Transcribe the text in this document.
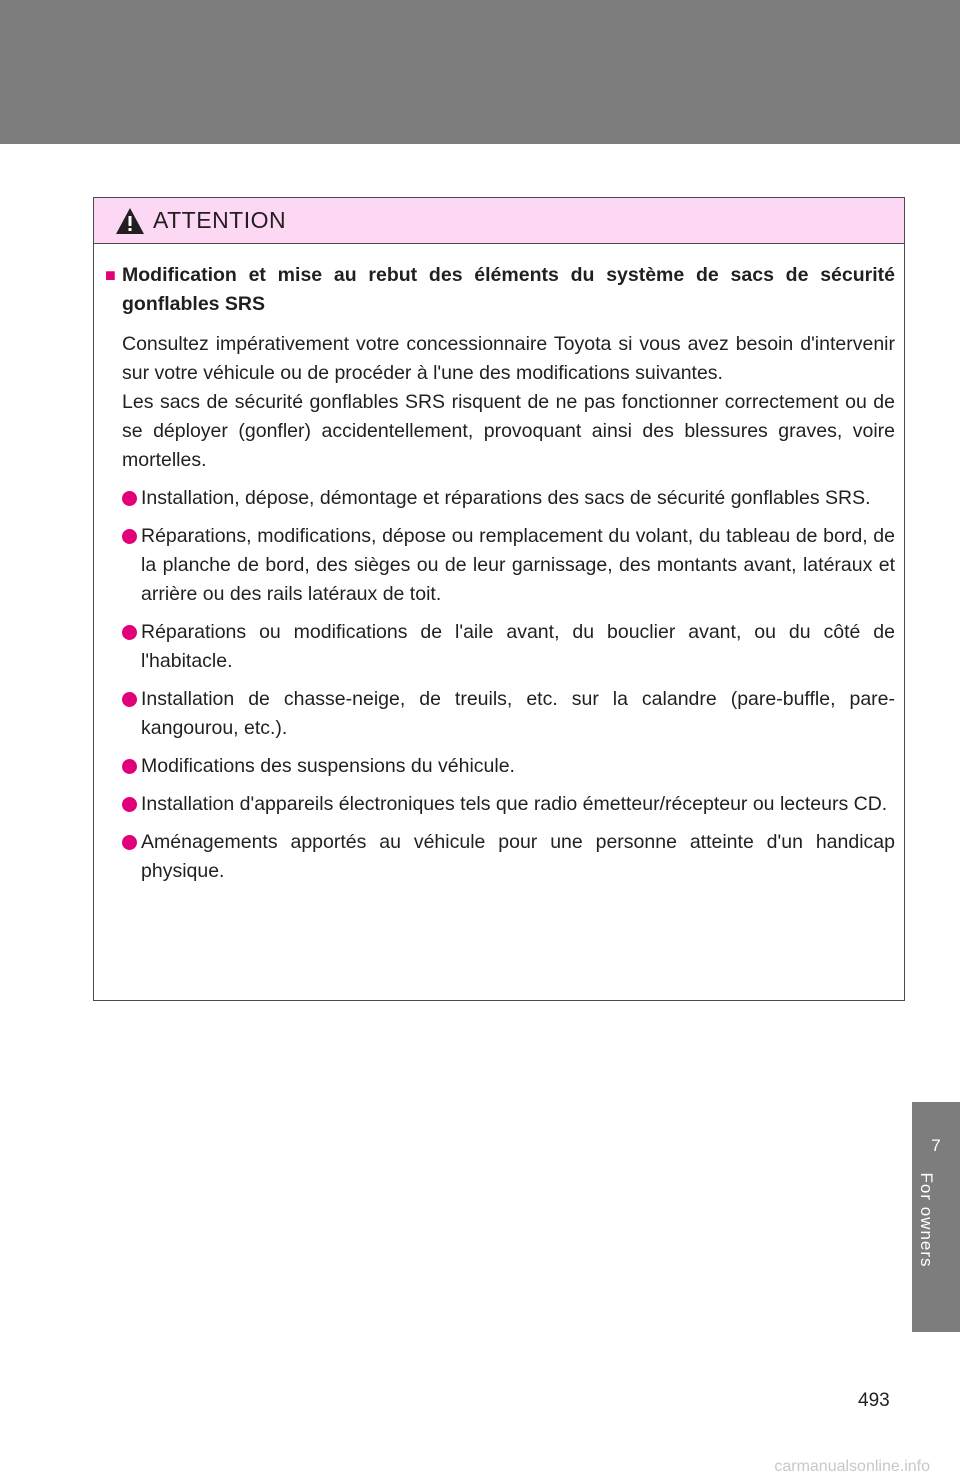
ATTENTION
■ Modification et mise au rebut des éléments du système de sacs de sécurité gonflables SRS
Consultez impérativement votre concessionnaire Toyota si vous avez besoin d'intervenir sur votre véhicule ou de procéder à l'une des modifications suivantes.
Les sacs de sécurité gonflables SRS risquent de ne pas fonctionner correctement ou de se déployer (gonfler) accidentellement, provoquant ainsi des blessures graves, voire mortelles.
Installation, dépose, démontage et réparations des sacs de sécurité gonflables SRS.
Réparations, modifications, dépose ou remplacement du volant, du tableau de bord, de la planche de bord, des sièges ou de leur garnissage, des montants avant, latéraux et arrière ou des rails latéraux de toit.
Réparations ou modifications de l'aile avant, du bouclier avant, ou du côté de l'habitacle.
Installation de chasse-neige, de treuils, etc. sur la calandre (pare-buffle, pare-kangourou, etc.).
Modifications des suspensions du véhicule.
Installation d'appareils électroniques tels que radio émetteur/récepteur ou lecteurs CD.
Aménagements apportés au véhicule pour une personne atteinte d'un handicap physique.
7
For owners
493
carmanualsonline.info
